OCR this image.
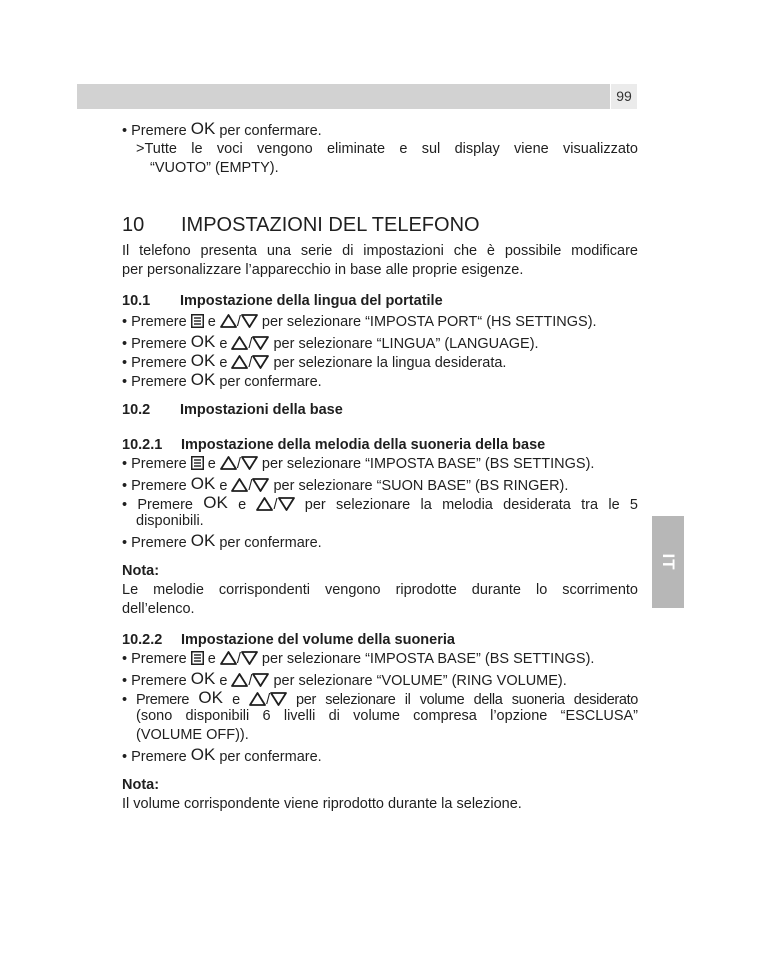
99
IT
• Premere OK per confermare.
>Tutte le voci vengono eliminate e sul display viene visualizzato
“VUOTO” (EMPTY).
10 IMPOSTAZIONI DEL TELEFONO
Il telefono presenta una serie di impostazioni che è possibile modificare
per personalizzare l’apparecchio in base alle proprie esigenze.
10.1 Impostazione della lingua del portatile
• Premere  e / per selezionare “IMPOSTA PORT“ (HS SETTINGS).
• Premere OK e / per selezionare “LINGUA” (LANGUAGE).
• Premere OK e / per selezionare la lingua desiderata.
• Premere OK per confermare.
10.2 Impostazioni della base
10.2.1 Impostazione della melodia della suoneria della base
• Premere  e / per selezionare “IMPOSTA BASE” (BS SETTINGS).
• Premere OK e / per selezionare “SUON BASE” (BS RINGER).
• Premere OK e / per selezionare la melodia desiderata tra le 5
disponibili.
• Premere OK per confermare.
Nota:
Le melodie corrispondenti vengono riprodotte durante lo scorrimento
dell’elenco.
10.2.2 Impostazione del volume della suoneria
• Premere  e / per selezionare “IMPOSTA BASE” (BS SETTINGS).
• Premere OK e / per selezionare “VOLUME” (RING VOLUME).
• Premere OK e / per selezionare il volume della suoneria desiderato
(sono disponibili 6 livelli di volume compresa l’opzione “ESCLUSA”
(VOLUME OFF)).
• Premere OK per confermare.
Nota:
Il volume corrispondente viene riprodotto durante la selezione.
